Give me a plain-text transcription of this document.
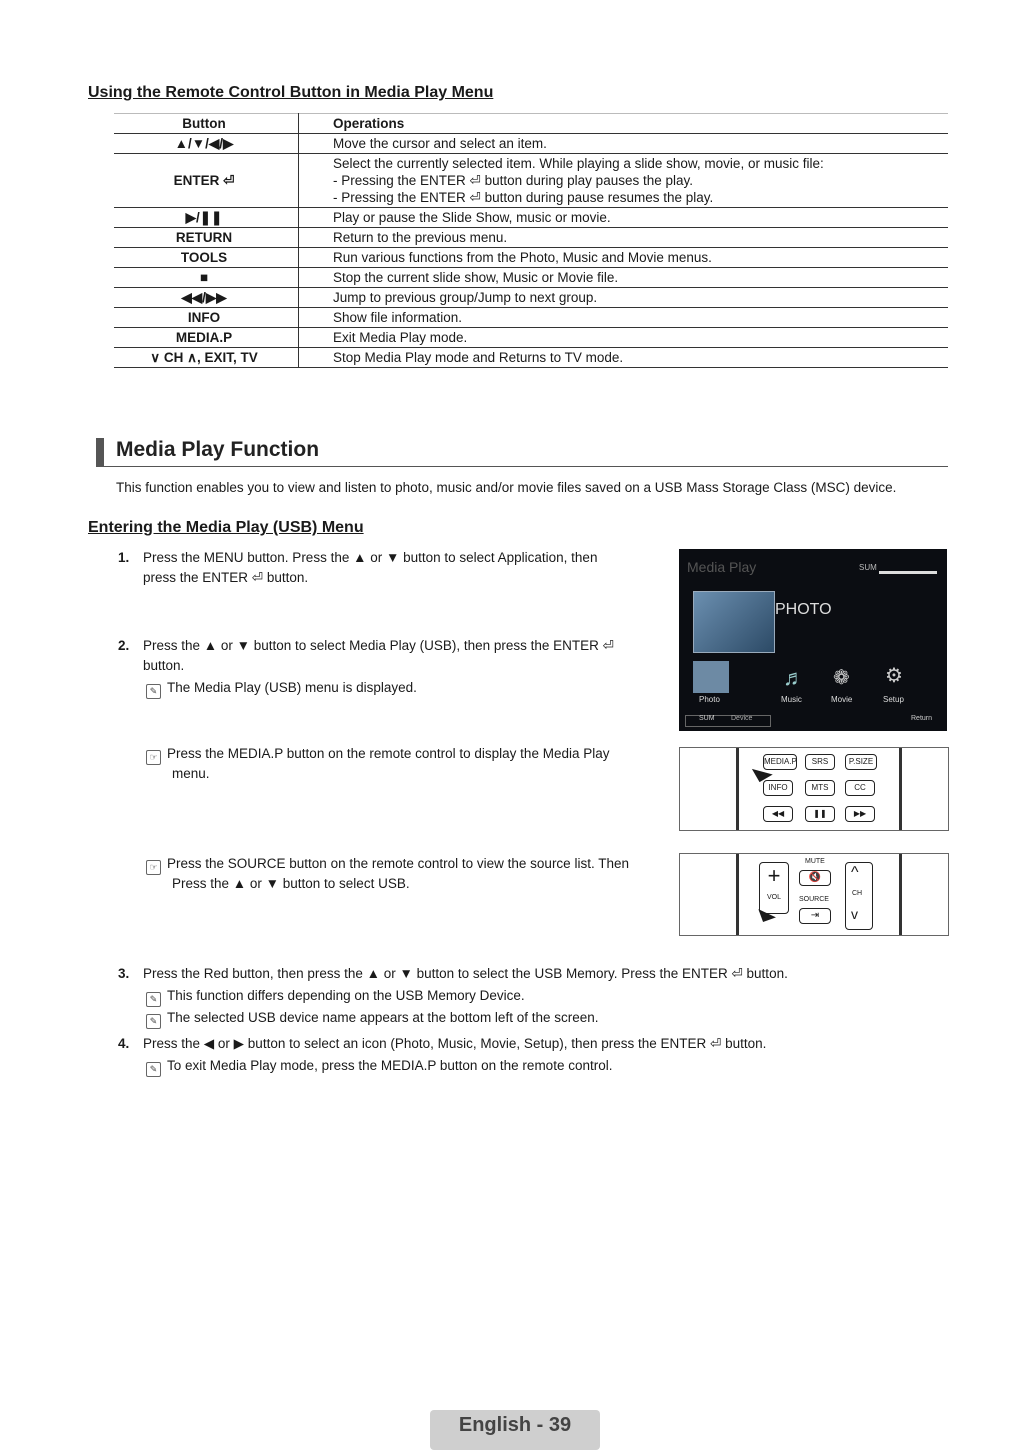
Using the Remote Control Button in Media Play Menu
Button	Operations
▲/▼/◀/▶	Move the cursor and select an item.

ENTER ⏎	Select the currently selected item. While playing a slide show, movie, or music file:
- Pressing the ENTER ⏎ button during play pauses the play.
- Pressing the ENTER ⏎ button during pause resumes the play.

▶/❚❚	Play or pause the Slide Show, music or movie.

RETURN	Return to the previous menu.

TOOLS	Run various functions from the Photo, Music and Movie menus.

■	Stop the current slide show, Music or Movie file.

◀◀/▶▶	Jump to previous group/Jump to next group.

INFO	Show file information.

MEDIA.P	Exit Media Play mode.

∨ CH ∧, EXIT, TV	Stop Media Play mode and Returns to TV mode.
Media Play Function
This function enables you to view and listen to photo, music and/or movie files saved on a USB Mass Storage Class (MSC) device.
Entering the Media Play (USB) Menu
1. Press the MENU button. Press the ▲ or ▼ button to select Application, then
press the ENTER ⏎ button.
2. Press the ▲ or ▼ button to select Media Play (USB), then press the ENTER ⏎
button.
✎ The Media Play (USB) menu is displayed.
☞ Press the MEDIA.P button on the remote control to display the Media Play
menu.
☞ Press the SOURCE button on the remote control to view the source list. Then
Press the ▲ or ▼ button to select USB.
3. Press the Red button, then press the ▲ or ▼ button to select the USB Memory. Press the ENTER ⏎ button.
✎ This function differs depending on the USB Memory Device.
✎ The selected USB device name appears at the bottom left of the screen.
4. Press the ◀ or ▶ button to select an icon (Photo, Music, Movie, Setup), then press the ENTER ⏎ button.
✎ To exit Media Play mode, press the MEDIA.P button on the remote control.
Media Play	SUM
PHOTO
♬ ❁ ⚙
Photo	Music	Movie	Setup
SUM Device	Return
MEDIA.P	SRS	P.SIZE
INFO	MTS	CC
◀◀	❚❚	▶▶
◣
+
VOL
MUTE
🔇
SOURCE
⇥
^
CH
v
◣
English - 39
